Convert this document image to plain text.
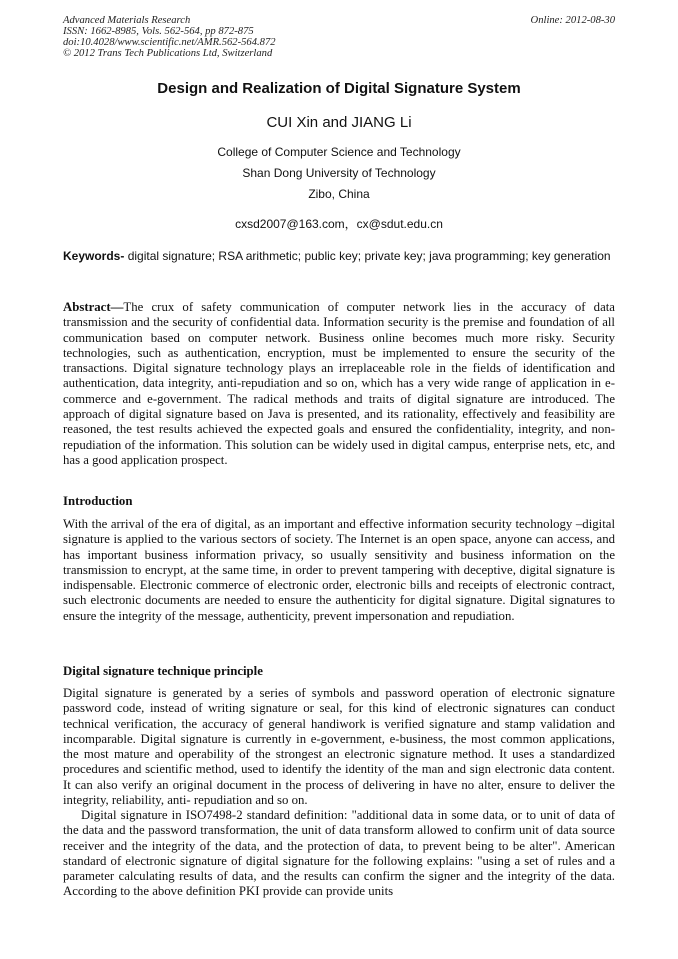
Advanced Materials Research
ISSN: 1662-8985, Vols. 562-564, pp 872-875
doi:10.4028/www.scientific.net/AMR.562-564.872
© 2012 Trans Tech Publications Ltd, Switzerland
Online: 2012-08-30
Design and Realization of Digital Signature System
CUI Xin and JIANG Li
College of Computer Science and Technology
Shan Dong University of Technology
Zibo, China
cxsd2007@163.com，cx@sdut.edu.cn
Keywords- digital signature; RSA arithmetic; public key; private key; java programming; key generation
Abstract—The crux of safety communication of computer network lies in the accuracy of data transmission and the security of confidential data. Information security is the premise and foundation of all communication based on computer network. Business online becomes much more risky. Security technologies, such as authentication, encryption, must be implemented to ensure the security of the transactions. Digital signature technology plays an irreplaceable role in the fields of identification and authentication, data integrity, anti-repudiation and so on, which has a very wide range of application in e-commerce and e-government. The radical methods and traits of digital signature are introduced. The approach of digital signature based on Java is presented, and its rationality, effectively and feasibility are reasoned, the test results achieved the expected goals and ensured the confidentiality, integrity, and non-repudiation of the information. This solution can be widely used in digital campus, enterprise nets, etc, and has a good application prospect.
Introduction
With the arrival of the era of digital, as an important and effective information security technology –digital signature is applied to the various sectors of society. The Internet is an open space, anyone can access, and has important business information privacy, so usually sensitivity and business information on the transmission to encrypt, at the same time, in order to prevent tampering with deceptive, digital signature is indispensable. Electronic commerce of electronic order, electronic bills and receipts of electronic contract, such electronic documents are needed to ensure the authenticity for digital signature. Digital signatures to ensure the integrity of the message, authenticity, prevent impersonation and repudiation.
Digital signature technique principle
Digital signature is generated by a series of symbols and password operation of electronic signature password code, instead of writing signature or seal, for this kind of electronic signatures can conduct technical verification, the accuracy of general handiwork is verified signature and stamp validation and incomparable. Digital signature is currently in e-government, e-business, the most common applications, the most mature and operability of the strongest an electronic signature method. It uses a standardized procedures and scientific method, used to identify the identity of the man and sign electronic data content. It can also verify an original document in the process of delivering in have no alter, ensure to deliver the integrity, reliability, anti- repudiation and so on.
Digital signature in ISO7498-2 standard definition: "additional data in some data, or to unit of data of the data and the password transformation, the unit of data transform allowed to confirm unit of data source receiver and the integrity of the data, and the protection of data, to prevent being to be alter". American standard of electronic signature of digital signature for the following explains: "using a set of rules and a parameter calculating results of data, and the results can confirm the signer and the integrity of the data. According to the above definition PKI provide can provide units
